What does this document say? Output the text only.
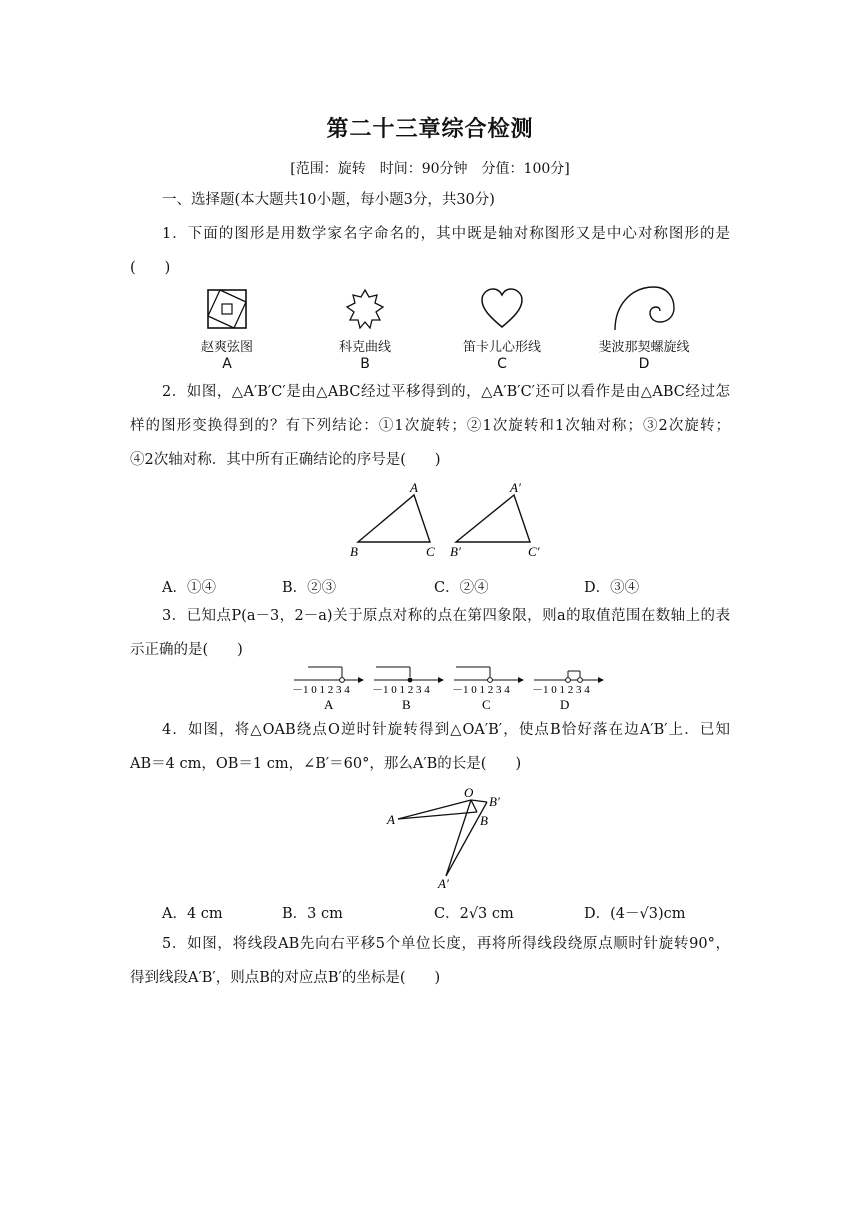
第二十三章综合检测
[范围：旋转　时间：90分钟　分值：100分]
一、选择题(本大题共10小题，每小题3分，共30分)
1．下面的图形是用数学家名字命名的，其中既是轴对称图形又是中心对称图形的是
(　　)
赵爽弦图	科克曲线	笛卡儿心形线	斐波那契螺旋线
A	B	C	D
2．如图，△A′B′C′是由△ABC经过平移得到的，△A′B′C′还可以看作是由△ABC经过怎
样的图形变换得到的？有下列结论：①1次旋转；②1次旋转和1次轴对称；③2次旋转；
④2次轴对称．其中所有正确结论的序号是(　　)
A
B	C
A′
B′	C′
A．①④	B．②③	C．②④	D．③④
3．已知点P(a－3，2－a)关于原点对称的点在第四象限，则a的取值范围在数轴上的表
示正确的是(　　)
－1 0 1 2 3 4 －1 0 1 2 3 4 －1 0 1 2 3 4 －1 0 1 2 3 4
A	B	C	D
4．如图，将△OAB绕点O逆时针旋转得到△OA′B′，使点B恰好落在边A′B′上．已知
AB＝4 cm，OB＝1 cm，∠B′＝60°，那么A′B的长是(　　)
O
B′
A	B
A′
A．4 cm	B．3 cm	C．2√3 cm	D．(4－√3)cm
5．如图，将线段AB先向右平移5个单位长度，再将所得线段绕原点顺时针旋转90°，
得到线段A′B′，则点B的对应点B′的坐标是(　　)
